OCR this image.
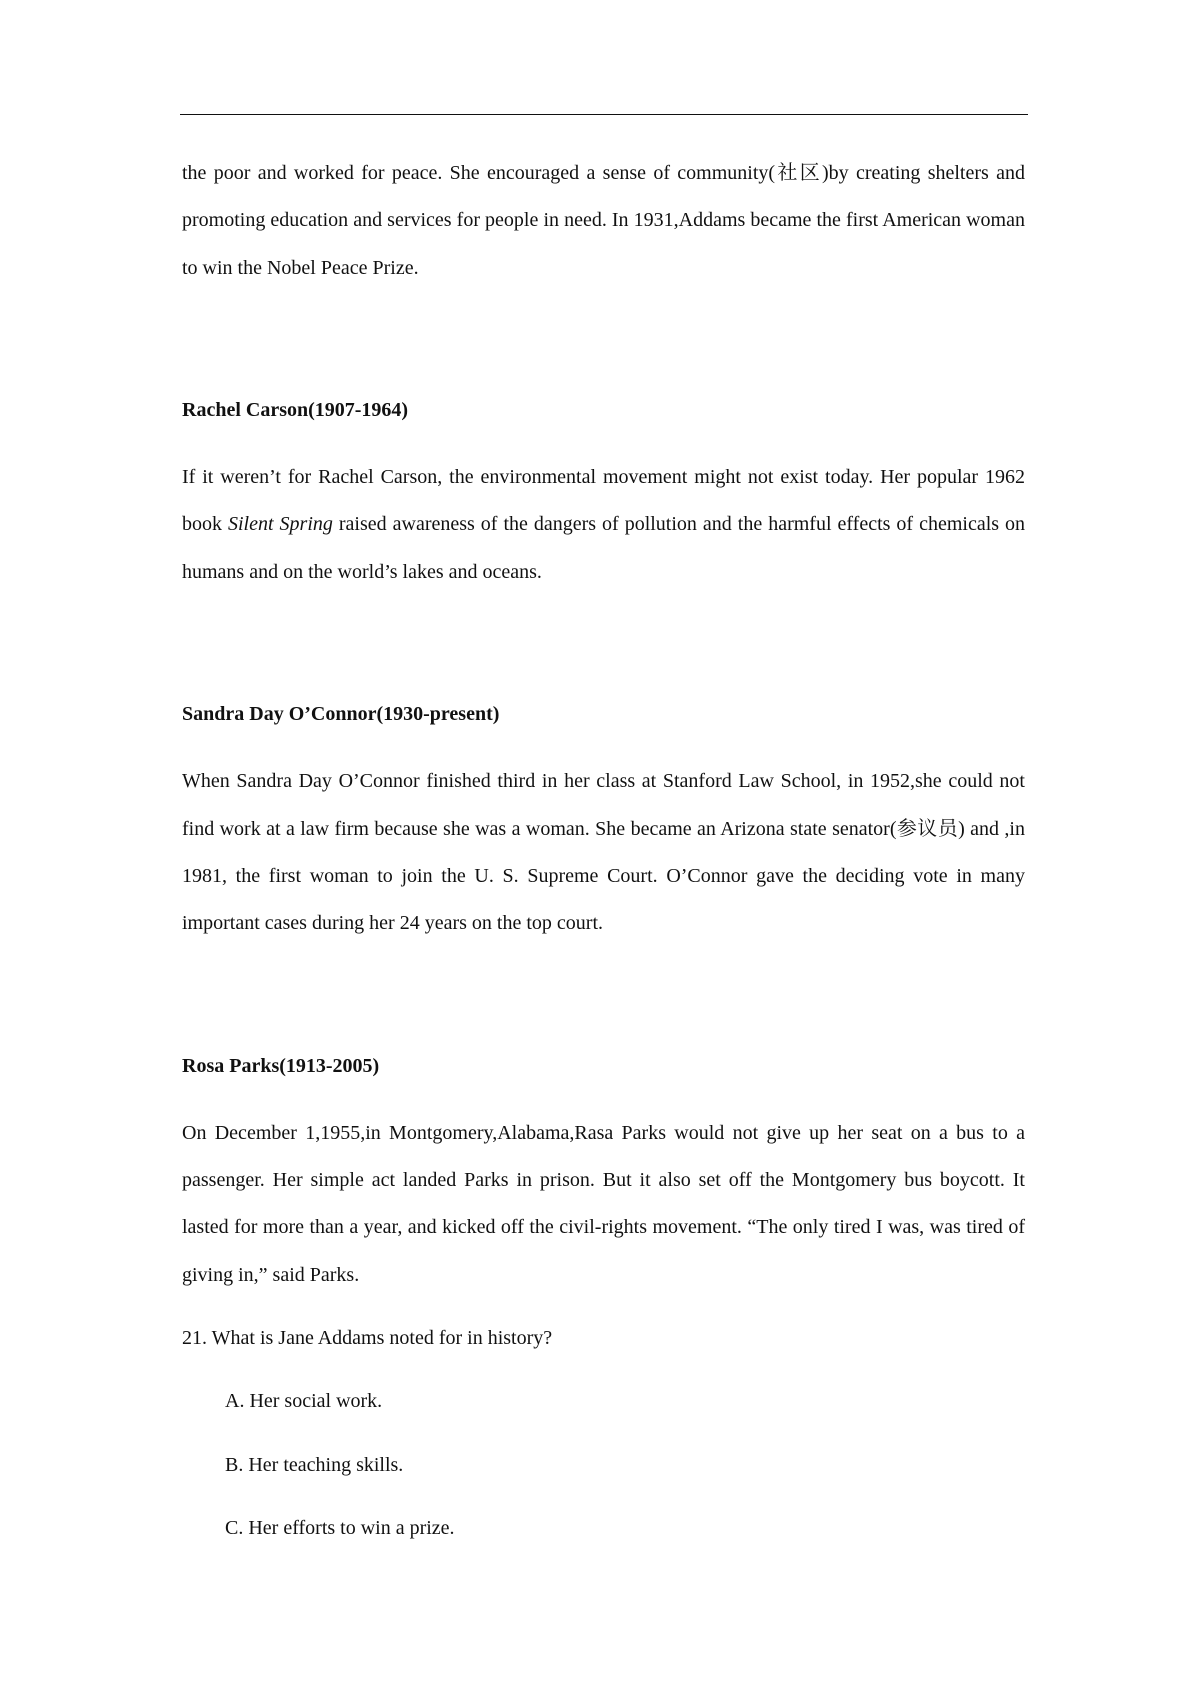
the poor and worked for peace. She encouraged a sense of community(社区)by creating shelters and promoting education and services for people in need. In 1931,Addams became the first American woman to win the Nobel Peace Prize.

Rachel Carson(1907-1964)

If it weren’t for Rachel Carson, the environmental movement might not exist today. Her popular 1962 book Silent Spring raised awareness of the dangers of pollution and the harmful effects of chemicals on humans and on the world’s lakes and oceans.

Sandra Day O’Connor(1930-present)

When Sandra Day O’Connor finished third in her class at Stanford Law School, in 1952,she could not find work at a law firm because she was a woman. She became an Arizona state senator(参议员) and ,in 1981, the first woman to join the U. S. Supreme Court. O’Connor gave the deciding vote in many important cases during her 24 years on the top court.

Rosa Parks(1913-2005)

On December 1,1955,in Montgomery,Alabama,Rasa Parks would not give up her seat on a bus to a passenger. Her simple act landed Parks in prison. But it also set off the Montgomery bus boycott. It lasted for more than a year, and kicked off the civil-rights movement. “The only tired I was, was tired of giving in,” said Parks.

21. What is Jane Addams noted for in history?

A. Her social work.

B. Her teaching skills.

C. Her efforts to win a prize.
